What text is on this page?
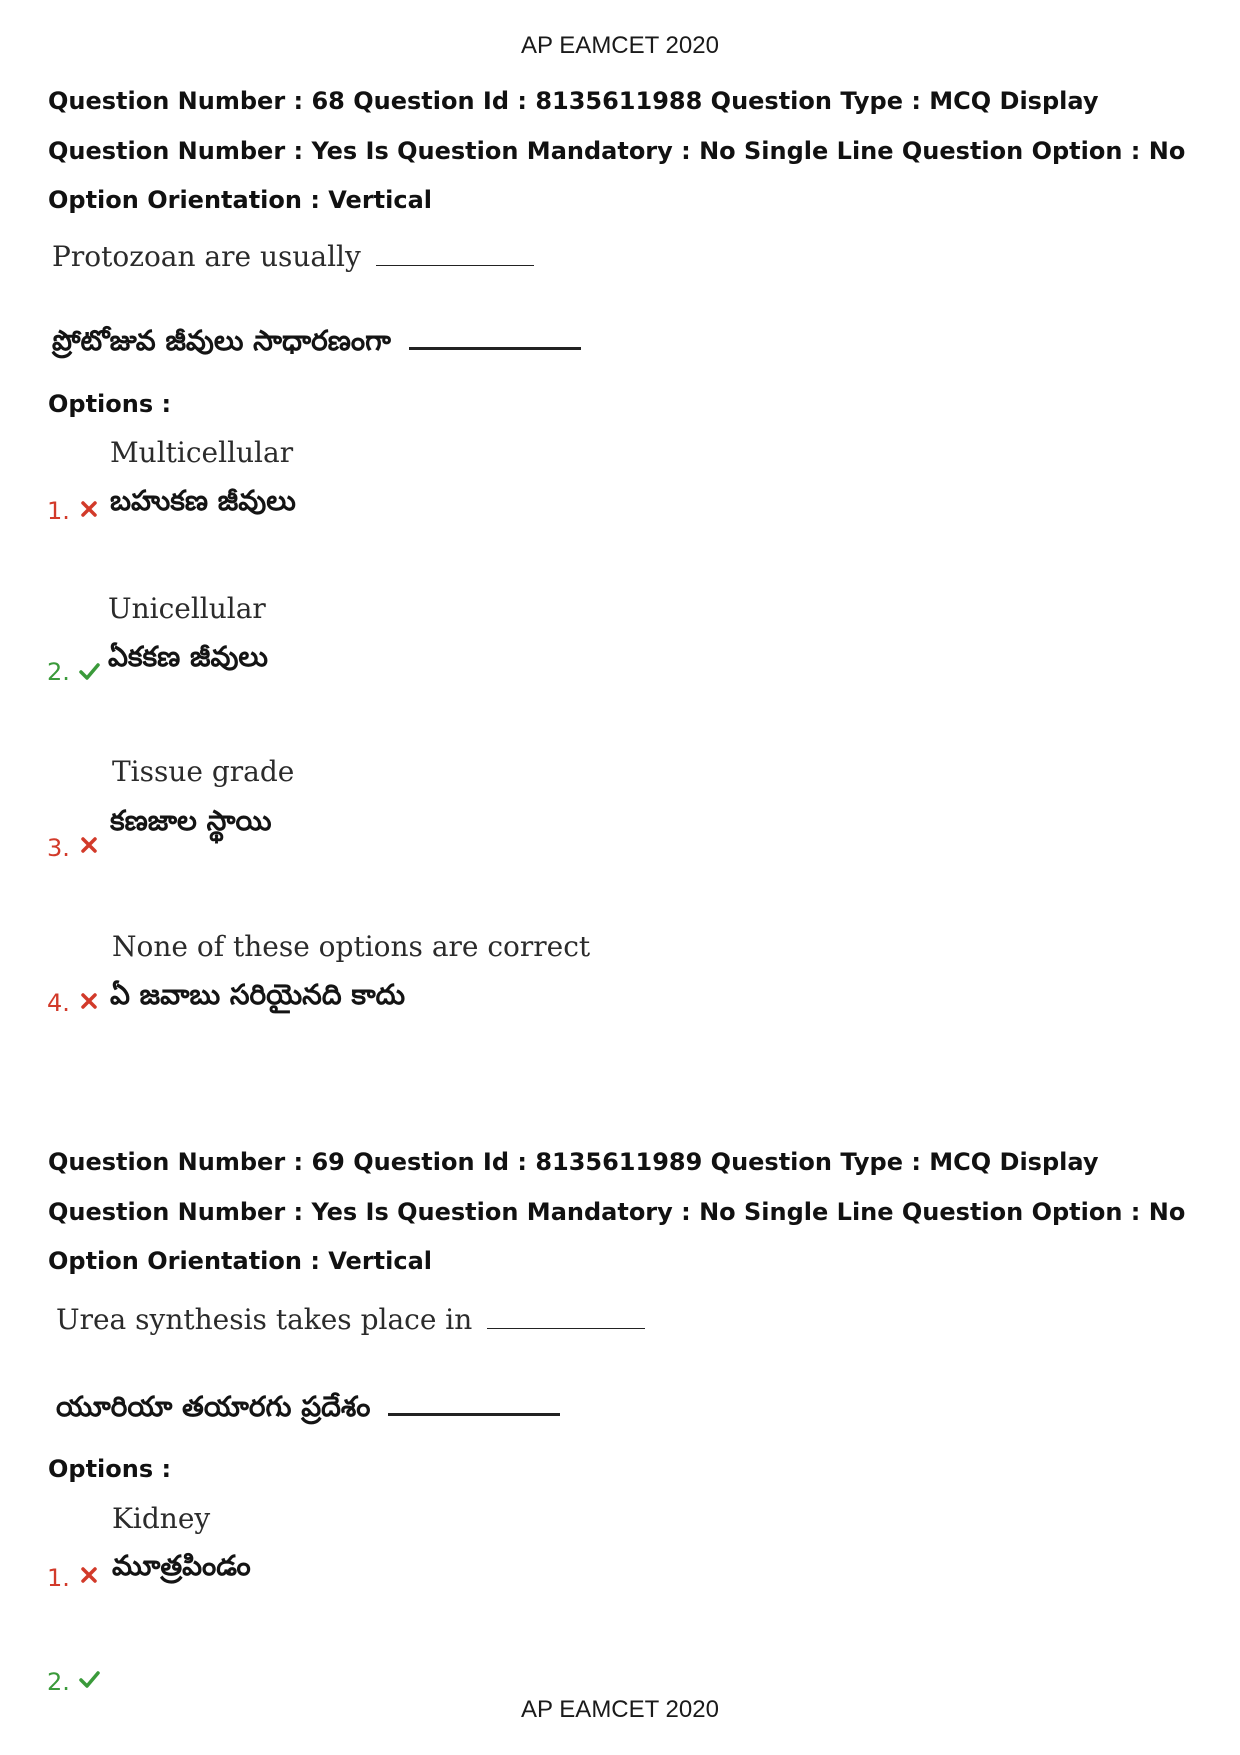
AP EAMCET 2020
Question Number : 68 Question Id : 8135611988 Question Type : MCQ Display Question Number : Yes Is Question Mandatory : No Single Line Question Option : No Option Orientation : Vertical
Protozoan are usually
ప్రోటోజువ జీవులు సాధారణంగా
Options :
Multicellular
బహుకణ జీవులు
1.
Unicellular
ఏకకణ జీవులు
2.
Tissue grade
కణజాల స్థాయి
3.
None of these options are correct
ఏ జవాబు సరియైనది కాదు
4.
Question Number : 69 Question Id : 8135611989 Question Type : MCQ Display Question Number : Yes Is Question Mandatory : No Single Line Question Option : No Option Orientation : Vertical
Urea synthesis takes place in
యూరియా తయారగు ప్రదేశం
Options :
Kidney
మూత్రపిండం
1.
2.
AP EAMCET 2020
